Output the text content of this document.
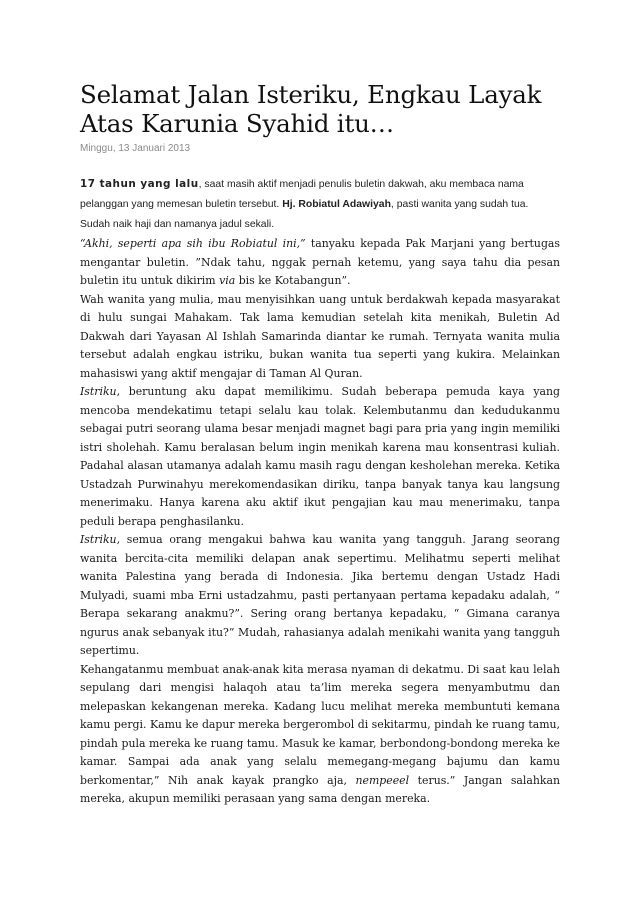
Selamat Jalan Isteriku, Engkau Layak Atas Karunia Syahid itu…
Minggu, 13 Januari 2013
17 tahun yang lalu, saat masih aktif menjadi penulis buletin dakwah, aku membaca nama pelanggan yang memesan buletin tersebut. Hj. Robiatul Adawiyah, pasti wanita yang sudah tua. Sudah naik haji dan namanya jadul sekali.

“Akhi, seperti apa sih ibu Robiatul ini,” tanyaku kepada Pak Marjani yang bertugas mengantar buletin. ”Ndak tahu, nggak pernah ketemu, yang saya tahu dia pesan buletin itu untuk dikirim via bis ke Kotabangun”.

Wah wanita yang mulia, mau menyisihkan uang untuk berdakwah kepada masyarakat di hulu sungai Mahakam. Tak lama kemudian setelah kita menikah, Buletin Ad Dakwah dari Yayasan Al Ishlah Samarinda diantar ke rumah. Ternyata wanita mulia tersebut adalah engkau istriku, bukan wanita tua seperti yang kukira. Melainkan mahasiswi yang aktif mengajar di Taman Al Quran.

Istriku, beruntung aku dapat memilikimu. Sudah beberapa pemuda kaya yang mencoba mendekatimu tetapi selalu kau tolak. Kelembutanmu dan kedudukanmu sebagai putri seorang ulama besar menjadi magnet bagi para pria yang ingin memiliki istri sholehah. Kamu beralasan belum ingin menikah karena mau konsentrasi kuliah. Padahal alasan utamanya adalah kamu masih ragu dengan kesholehan mereka. Ketika Ustadzah Purwinahyu merekomendasikan diriku, tanpa banyak tanya kau langsung menerimaku. Hanya karena aku aktif ikut pengajian kau mau menerimaku, tanpa peduli berapa penghasilanku.

Istriku, semua orang mengakui bahwa kau wanita yang tangguh. Jarang seorang wanita bercita-cita memiliki delapan anak sepertimu. Melihatmu seperti melihat wanita Palestina yang berada di Indonesia. Jika bertemu dengan Ustadz Hadi Mulyadi, suami mba Erni ustadzahmu, pasti pertanyaan pertama kepadaku adalah, “ Berapa sekarang anakmu?”. Sering orang bertanya kepadaku, “ Gimana caranya ngurus anak sebanyak itu?” Mudah, rahasianya adalah menikahi wanita yang tangguh sepertimu.

Kehangatanmu membuat anak-anak kita merasa nyaman di dekatmu. Di saat kau lelah sepulang dari mengisi halaqoh atau ta’lim mereka segera menyambutmu dan melepaskan kekangenan mereka. Kadang lucu melihat mereka membuntuti kemana kamu pergi. Kamu ke dapur mereka bergerombol di sekitarmu, pindah ke ruang tamu, pindah pula mereka ke ruang tamu. Masuk ke kamar, berbondong-bondong mereka ke kamar. Sampai ada anak yang selalu memegang-megang bajumu dan kamu berkomentar,” Nih anak kayak prangko aja, nempeeel terus.” Jangan salahkan mereka, akupun memiliki perasaan yang sama dengan mereka.
